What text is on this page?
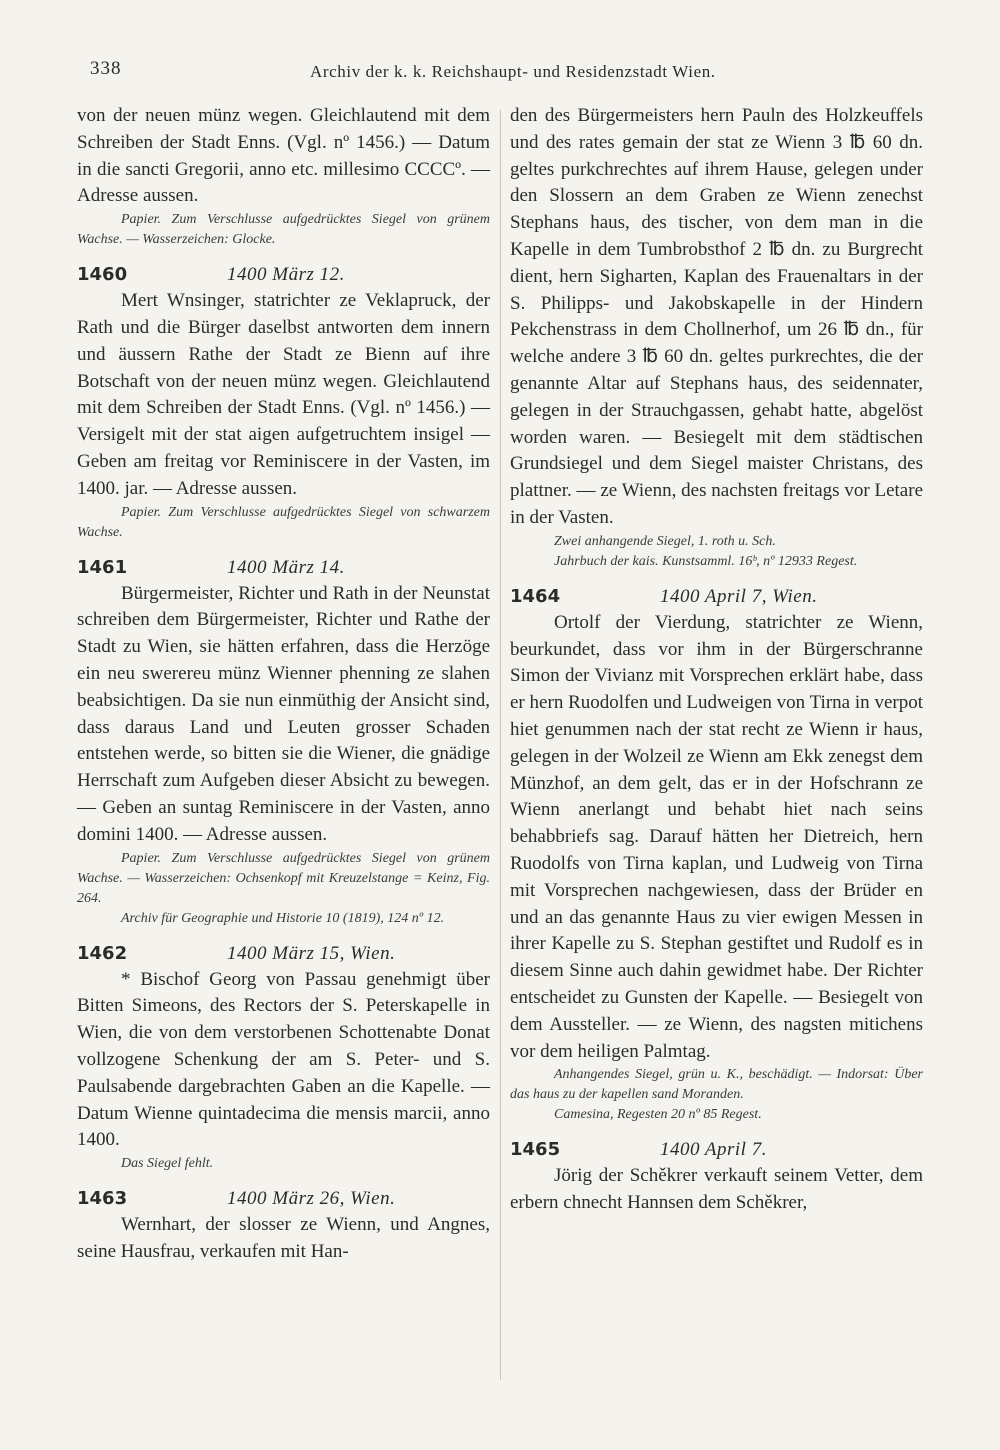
338	Archiv der k. k. Reichshaupt- und Residenzstadt Wien.

von der neuen münz wegen. Gleichlautend mit dem Schreiben der Stadt Enns. (Vgl. nº 1456.) — Datum in die sancti Gregorii, anno etc. millesimo CCCCº. — Adresse aussen.

Papier. Zum Verschlusse aufgedrücktes Siegel von grünem Wachse. — Wasserzeichen: Glocke.

1460	1400 März 12.

Mert Wnsinger, statrichter ze Veklapruck, der Rath und die Bürger daselbst antworten dem innern und äussern Rathe der Stadt ze Bienn auf ihre Botschaft von der neuen münz wegen. Gleichlautend mit dem Schreiben der Stadt Enns. (Vgl. nº 1456.) — Versigelt mit der stat aigen aufgetruchtem insigel — Geben am freitag vor Reminiscere in der Vasten, im 1400. jar. — Adresse aussen.

Papier. Zum Verschlusse aufgedrücktes Siegel von schwarzem Wachse.

1461	1400 März 14.

Bürgermeister, Richter und Rath in der Neunstat schreiben dem Bürgermeister, Richter und Rathe der Stadt zu Wien, sie hätten erfahren, dass die Herzöge ein neu swerereu münz Wienner phenning ze slahen beabsichtigen. Da sie nun einmüthig der Ansicht sind, dass daraus Land und Leuten grosser Schaden entstehen werde, so bitten sie die Wiener, die gnädige Herrschaft zum Aufgeben dieser Absicht zu bewegen. — Geben an suntag Reminiscere in der Vasten, anno domini 1400. — Adresse aussen.

Papier. Zum Verschlusse aufgedrücktes Siegel von grünem Wachse. — Wasserzeichen: Ochsenkopf mit Kreuzelstange = Keinz, Fig. 264.

Archiv für Geographie und Historie 10 (1819), 124 nº 12.

1462	1400 März 15, Wien.

* Bischof Georg von Passau genehmigt über Bitten Simeons, des Rectors der S. Peterskapelle in Wien, die von dem verstorbenen Schottenabte Donat vollzogene Schenkung der am S. Peter- und S. Paulsabende dargebrachten Gaben an die Kapelle. — Datum Wienne quintadecima die mensis marcii, anno 1400.

Das Siegel fehlt.

1463	1400 März 26, Wien.

Wernhart, der slosser ze Wienn, und Angnes, seine Hausfrau, verkaufen mit Han-

den des Bürgermeisters hern Pauln des Holzkeuffels und des rates gemain der stat ze Wienn 3 ℔ 60 dn. geltes purkchrechtes auf ihrem Hause, gelegen under den Slossern an dem Graben ze Wienn zenechst Stephans haus, des tischer, von dem man in die Kapelle in dem Tumbrobsthof 2 ℔ dn. zu Burgrecht dient, hern Sigharten, Kaplan des Frauenaltars in der S. Philipps- und Jakobskapelle in der Hindern Pekchenstrass in dem Chollnerhof, um 26 ℔ dn., für welche andere 3 ℔ 60 dn. geltes purkrechtes, die der genannte Altar auf Stephans haus, des seidennater, gelegen in der Strauchgassen, gehabt hatte, abgelöst worden waren. — Besiegelt mit dem städtischen Grundsiegel und dem Siegel maister Christans, des plattner. — ze Wienn, des nachsten freitags vor Letare in der Vasten.

Zwei anhangende Siegel, 1. roth u. Sch.

Jahrbuch der kais. Kunstsamml. 16ᵇ, nº 12933 Regest.

1464	1400 April 7, Wien.

Ortolf der Vierdung, statrichter ze Wienn, beurkundet, dass vor ihm in der Bürgerschranne Simon der Vivianz mit Vorsprechen erklärt habe, dass er hern Ruodolfen und Ludweigen von Tirna in verpot hiet genummen nach der stat recht ze Wienn ir haus, gelegen in der Wolzeil ze Wienn am Ekk zenegst dem Münzhof, an dem gelt, das er in der Hofschrann ze Wienn anerlangt und behabt hiet nach seins behabbriefs sag. Darauf hätten her Dietreich, hern Ruodolfs von Tirna kaplan, und Ludweig von Tirna mit Vorsprechen nachgewiesen, dass der Brüder en und an das genannte Haus zu vier ewigen Messen in ihrer Kapelle zu S. Stephan gestiftet und Rudolf es in diesem Sinne auch dahin gewidmet habe. Der Richter entscheidet zu Gunsten der Kapelle. — Besiegelt von dem Aussteller. — ze Wienn, des nagsten mitichens vor dem heiligen Palmtag.

Anhangendes Siegel, grün u. K., beschädigt. — Indorsat: Über das haus zu der kapellen sand Moranden.

Camesina, Regesten 20 nº 85 Regest.

1465	1400 April 7.

Jörig der Schěkrer verkauft seinem Vetter, dem erbern chnecht Hannsen dem Schěkrer,
